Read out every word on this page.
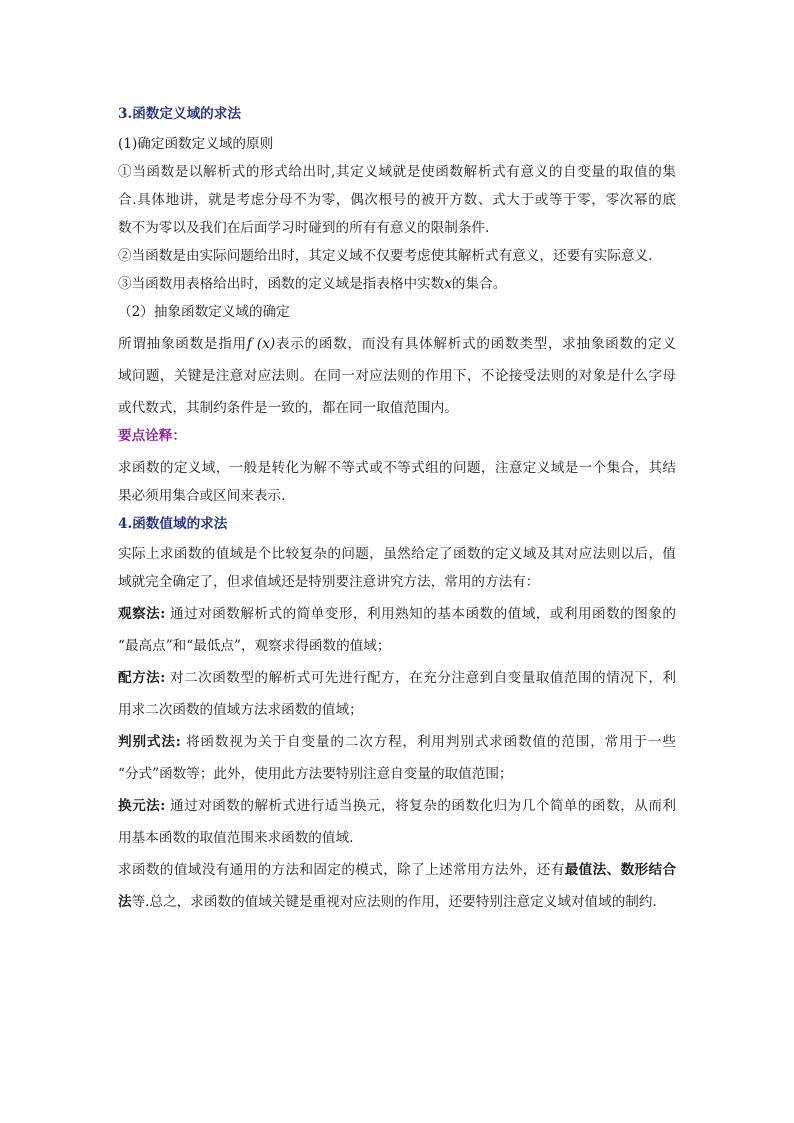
3.函数定义域的求法
(1)确定函数定义域的原则
①当函数是以解析式的形式给出时,其定义域就是使函数解析式有意义的自变量的取值的集
合.具体地讲，就是考虑分母不为零，偶次根号的被开方数、式大于或等于零，零次幂的底
数不为零以及我们在后面学习时碰到的所有有意义的限制条件.
②当函数是由实际问题给出时，其定义域不仅要考虑使其解析式有意义，还要有实际意义.
③当函数用表格给出时，函数的定义域是指表格中实数x的集合。
（2）抽象函数定义域的确定
所谓抽象函数是指用f (x)表示的函数，而没有具体解析式的函数类型，求抽象函数的定义
域问题，关键是注意对应法则。在同一对应法则的作用下，不论接受法则的对象是什么字母
或代数式，其制约条件是一致的，都在同一取值范围内。
要点诠释：
求函数的定义域，一般是转化为解不等式或不等式组的问题，注意定义域是一个集合，其结
果必须用集合或区间来表示.
4.函数值域的求法
实际上求函数的值域是个比较复杂的问题，虽然给定了函数的定义域及其对应法则以后，值
域就完全确定了，但求值域还是特别要注意讲究方法，常用的方法有：
观察法: 通过对函数解析式的简单变形，利用熟知的基本函数的值域，或利用函数的图象的
“最高点”和“最低点”，观察求得函数的值域；
配方法: 对二次函数型的解析式可先进行配方，在充分注意到自变量取值范围的情况下，利
用求二次函数的值域方法求函数的值域；
判别式法: 将函数视为关于自变量的二次方程，利用判别式求函数值的范围，常用于一些
“分式”函数等；此外，使用此方法要特别注意自变量的取值范围；
换元法: 通过对函数的解析式进行适当换元，将复杂的函数化归为几个简单的函数，从而利
用基本函数的取值范围来求函数的值域.
求函数的值域没有通用的方法和固定的模式，除了上述常用方法外，还有最值法、数形结合
法等.总之，求函数的值域关键是重视对应法则的作用，还要特别注意定义域对值域的制约.
